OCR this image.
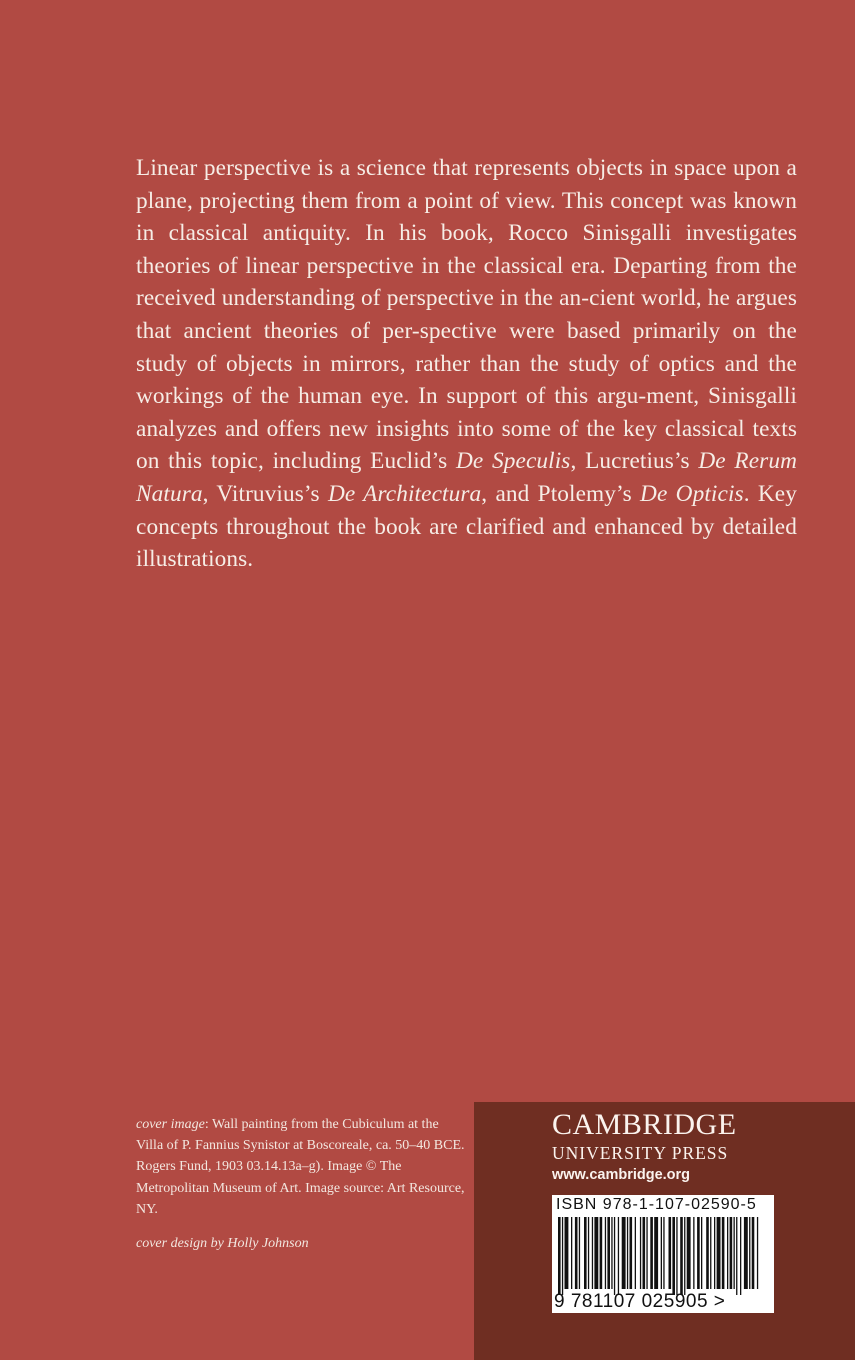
Linear perspective is a science that represents objects in space upon a plane, projecting them from a point of view. This concept was known in classical antiquity. In his book, Rocco Sinisgalli investigates theories of linear perspective in the classical era. Departing from the received understanding of perspective in the an-cient world, he argues that ancient theories of per-spective were based primarily on the study of objects in mirrors, rather than the study of optics and the workings of the human eye. In support of this argu-ment, Sinisgalli analyzes and offers new insights into some of the key classical texts on this topic, including Euclid’s De Speculis, Lucretius’s De Rerum Natura, Vitruvius’s De Architectura, and Ptolemy’s De Opticis. Key concepts throughout the book are clarified and enhanced by detailed illustrations.

cover image: Wall painting from the Cubiculum at the Villa of P. Fannius Synistor at Boscoreale, ca. 50–40 BCE. Rogers Fund, 1903 03.14.13a–g). Image © The Metropolitan Museum of Art. Image source: Art Resource, NY.

cover design by Holly Johnson

CAMBRIDGE
UNIVERSITY PRESS
www.cambridge.org
ISBN 978-1-107-02590-5
9 781107 025905 >
